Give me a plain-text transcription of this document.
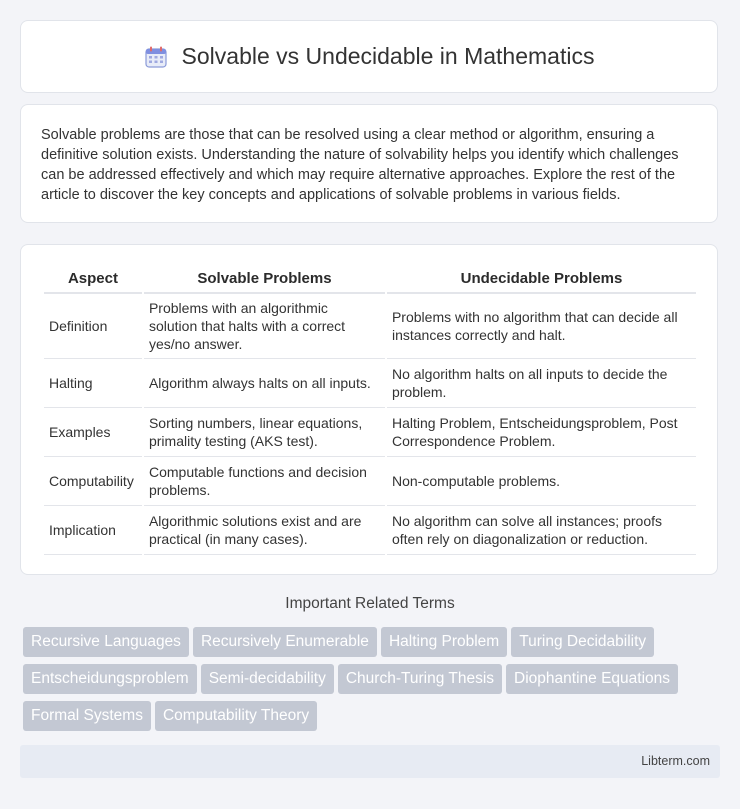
Solvable vs Undecidable in Mathematics

Solvable problems are those that can be resolved using a clear method or algorithm, ensuring a definitive solution exists. Understanding the nature of solvability helps you identify which challenges can be addressed effectively and which may require alternative approaches. Explore the rest of the article to discover the key concepts and applications of solvable problems in various fields.

Aspect	Solvable Problems	Undecidable Problems
Definition	Problems with an algorithmic solution that halts with a correct yes/no answer.	Problems with no algorithm that can decide all instances correctly and halt.
Halting	Algorithm always halts on all inputs.	No algorithm halts on all inputs to decide the problem.
Examples	Sorting numbers, linear equations, primality testing (AKS test).	Halting Problem, Entscheidungsproblem, Post Correspondence Problem.
Computability	Computable functions and decision problems.	Non-computable problems.
Implication	Algorithmic solutions exist and are practical (in many cases).	No algorithm can solve all instances; proofs often rely on diagonalization or reduction.
Important Related Terms
Recursive Languages Recursively Enumerable Halting Problem Turing Decidability
Entscheidungsproblem Semi-decidability Church-Turing Thesis Diophantine Equations
Formal Systems Computability Theory
Libterm.com
